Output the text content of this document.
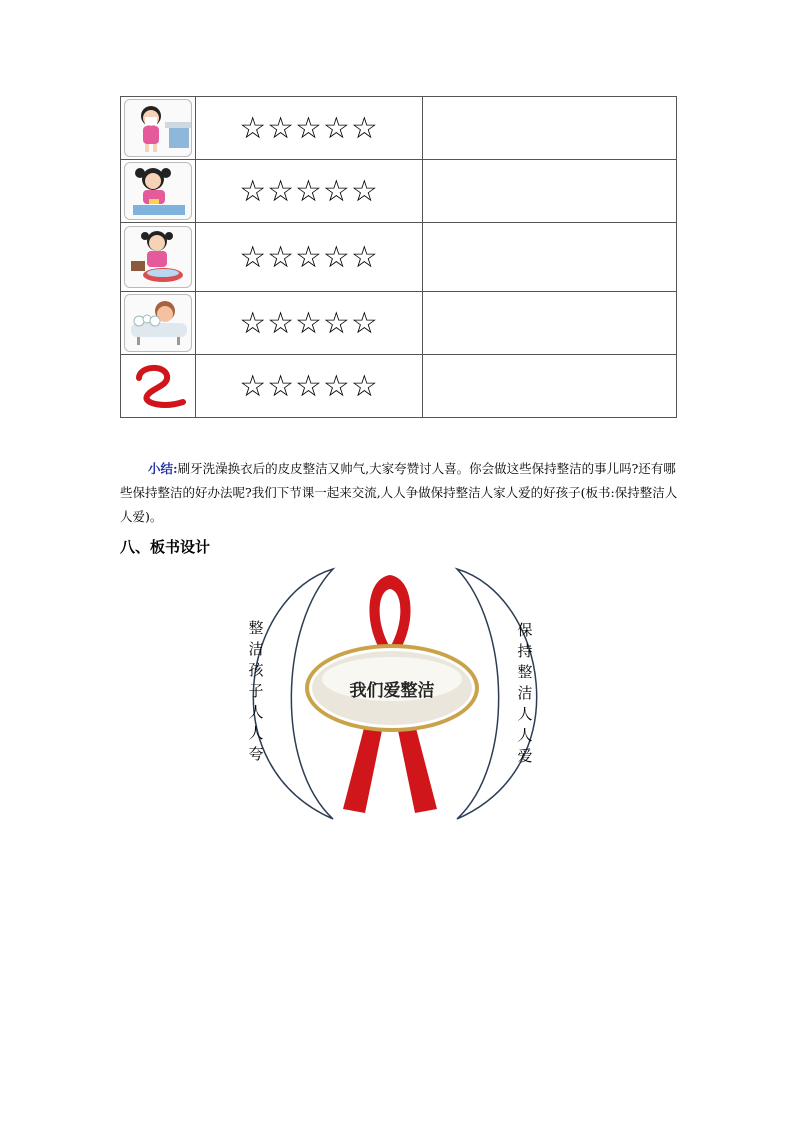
	☆☆☆☆☆	

	☆☆☆☆☆	

	☆☆☆☆☆	

	☆☆☆☆☆	

	☆☆☆☆☆	

小结:刷牙洗澡换衣后的皮皮整洁又帅气,大家夸赞讨人喜。你会做这些保持整洁的事儿吗?还有哪些保持整洁的好办法呢?我们下节课一起来交流,人人争做保持整洁人家人爱的好孩子(板书:保持整洁人人爱)。

八、板书设计
整洁孩子人人夸
我们爱整洁
保持整洁人人爱
